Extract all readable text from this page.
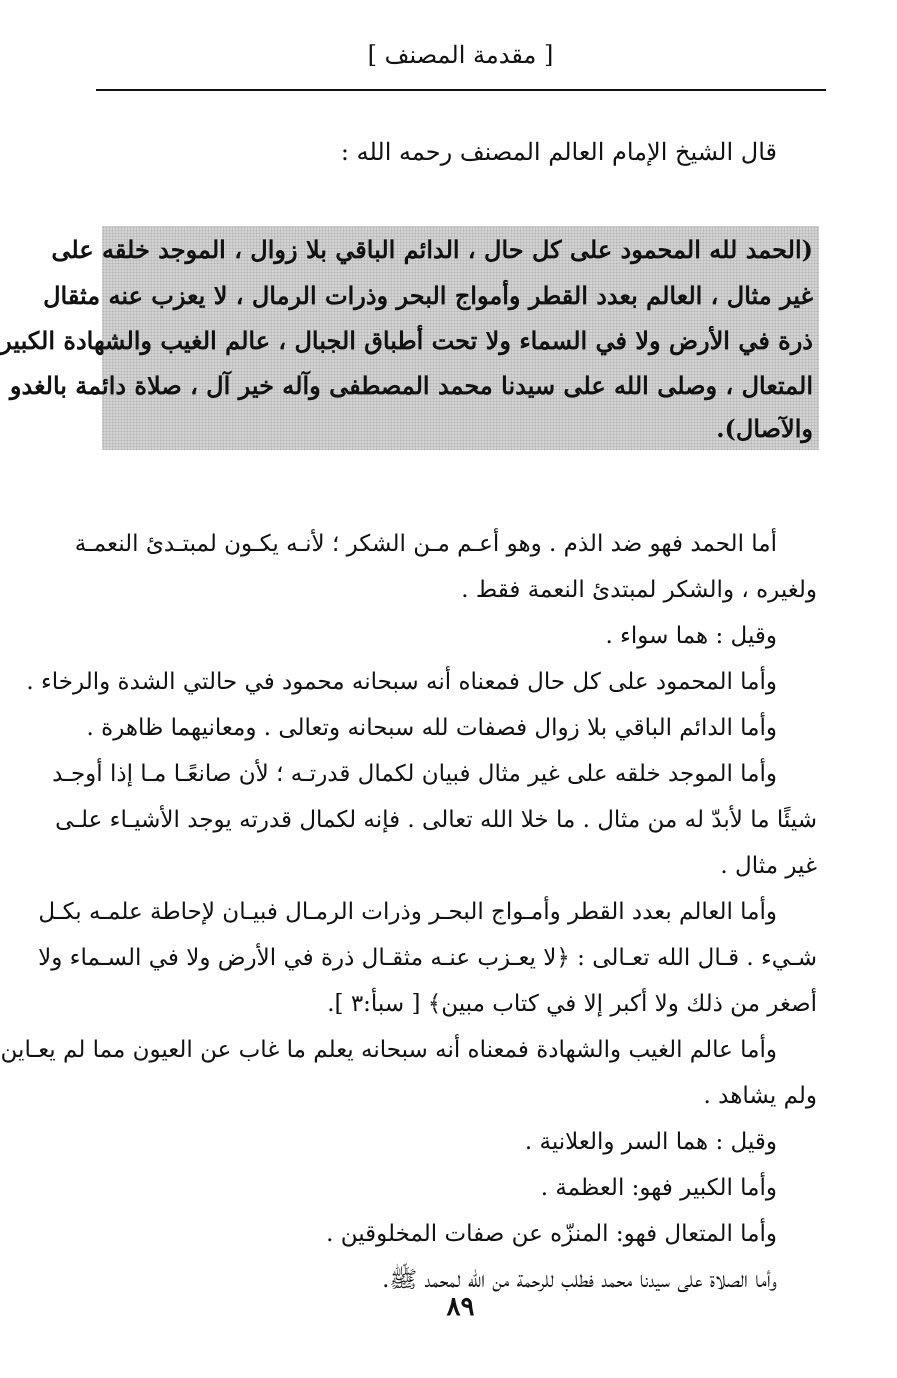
[ مقدمة المصنف ]
قال الشيخ الإمام العالم المصنف رحمه الله :
(الحمد لله المحمود على كل حال ، الدائم الباقي بلا زوال ، الموجد خلقه على
غير مثال ، العالم بعدد القطر وأمواج البحر وذرات الرمال ، لا يعزب عنه مثقال
ذرة في الأرض ولا في السماء ولا تحت أطباق الجبال ، عالم الغيب والشهادة الكبير
المتعال ، وصلى الله على سيدنا محمد المصطفى وآله خير آل ، صلاة دائمة بالغدو
والآصال).
أما الحمد فهو ضد الذم . وهو أعـم مـن الشكر ؛ لأنـه يكـون لمبتـدئ النعمـة
ولغيره ، والشكر لمبتدئ النعمة فقط .
وقيل : هما سواء .
وأما المحمود على كل حال فمعناه أنه سبحانه محمود في حالتي الشدة والرخاء .
وأما الدائم الباقي بلا زوال فصفات لله سبحانه وتعالى . ومعانيهما ظاهرة .
وأما الموجد خلقه على غير مثال فبيان لكمال قدرتـه ؛ لأن صانعًـا مـا إذا أوجـد
شيئًا ما لأبدّ له من مثال . ما خلا الله تعالى . فإنه لكمال قدرته يوجد الأشيـاء علـى
غير مثال .
وأما العالم بعدد القطر وأمـواج البحـر وذرات الرمـال فبيـان لإحاطة علمـه بكـل
شـيء . قـال الله تعـالى : ﴿لا يعـزب عنـه مثقـال ذرة في الأرض ولا في السـماء ولا
أصغر من ذلك ولا أكبر إلا في كتاب مبين﴾ [ سبأ:٣ ].
وأما عالم الغيب والشهادة فمعناه أنه سبحانه يعلم ما غاب عن العيون مما لم يعـاين
ولم يشاهد .
وقيل : هما السر والعلانية .
وأما الكبير فهو: العظمة .
وأما المتعال فهو: المنزّه عن صفات المخلوقين .
وأما الصلاة على سيدنا محمد فطلب للرحمة من الله لمحمد ﷺ.
٨٩
